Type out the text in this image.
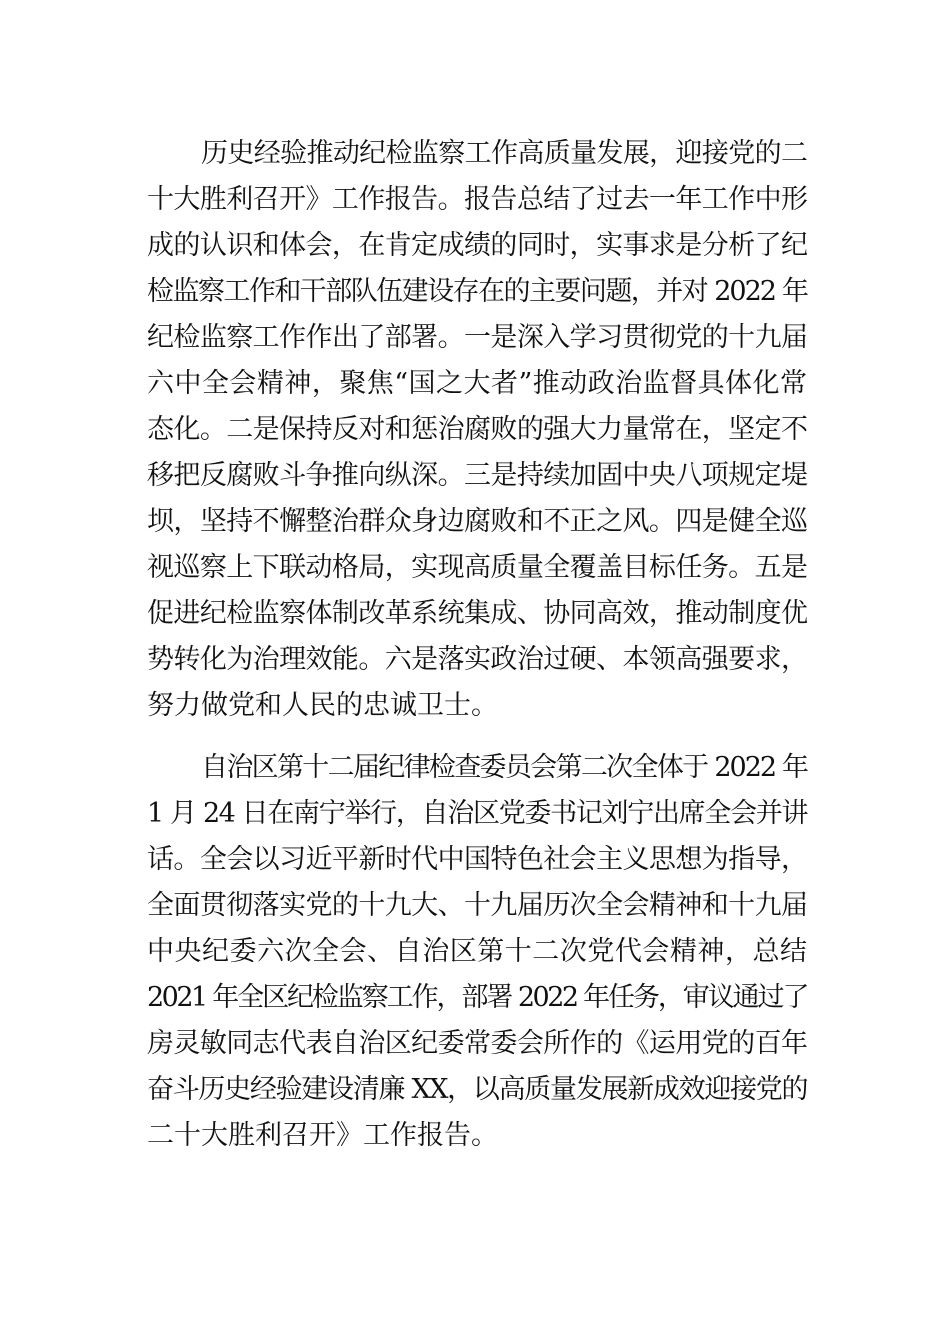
历史经验推动纪检监察工作高质量发展，迎接党的二
十大胜利召开》工作报告。报告总结了过去一年工作中形
成的认识和体会，在肯定成绩的同时，实事求是分析了纪
检监察工作和干部队伍建设存在的主要问题，并对 2022 年
纪检监察工作作出了部署。一是深入学习贯彻党的十九届
六中全会精神，聚焦“国之大者”推动政治监督具体化常
态化。二是保持反对和惩治腐败的强大力量常在，坚定不
移把反腐败斗争推向纵深。三是持续加固中央八项规定堤
坝，坚持不懈整治群众身边腐败和不正之风。四是健全巡
视巡察上下联动格局，实现高质量全覆盖目标任务。五是
促进纪检监察体制改革系统集成、协同高效，推动制度优
势转化为治理效能。六是落实政治过硬、本领高强要求，
努力做党和人民的忠诚卫士。
自治区第十二届纪律检查委员会第二次全体于 2022 年
1 月 24 日在南宁举行，自治区党委书记刘宁出席全会并讲
话。全会以习近平新时代中国特色社会主义思想为指导，
全面贯彻落实党的十九大、十九届历次全会精神和十九届
中央纪委六次全会、自治区第十二次党代会精神，总结
2021 年全区纪检监察工作，部署 2022 年任务，审议通过了
房灵敏同志代表自治区纪委常委会所作的《运用党的百年
奋斗历史经验建设清廉 XX，以高质量发展新成效迎接党的
二十大胜利召开》工作报告。
